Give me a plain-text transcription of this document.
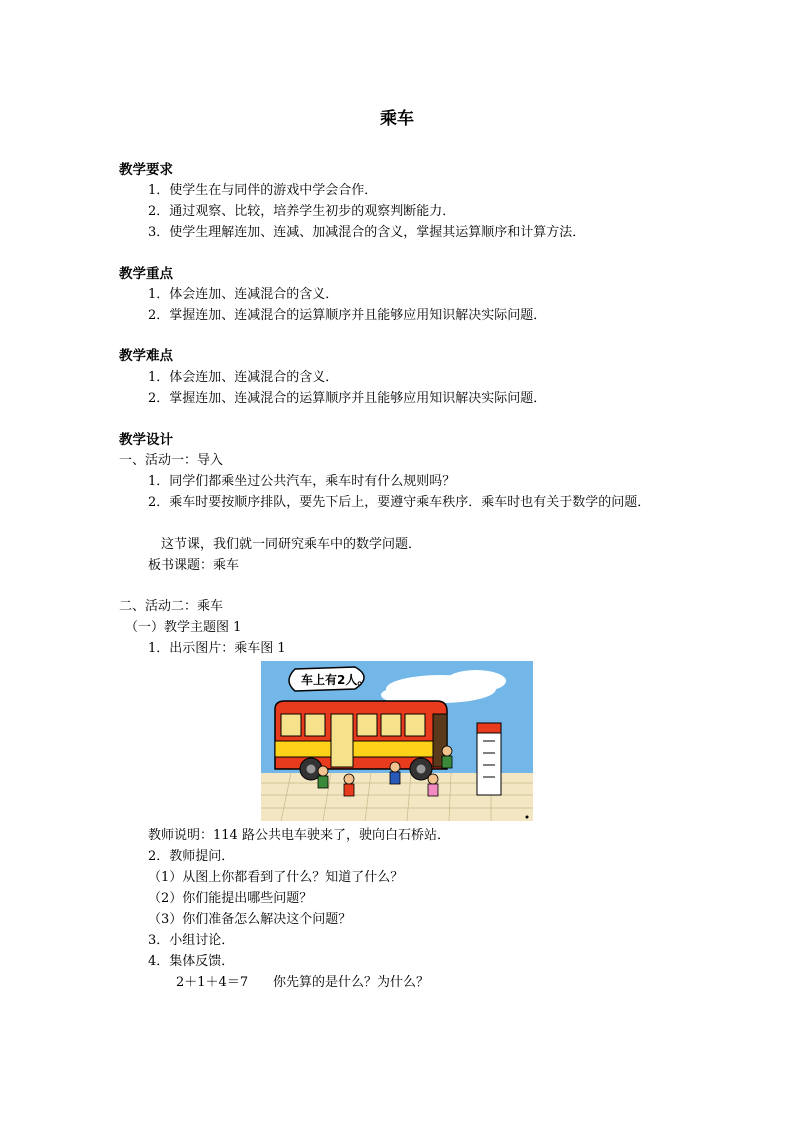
乘车
教学要求
1．使学生在与同伴的游戏中学会合作．
2．通过观察、比较，培养学生初步的观察判断能力．
3．使学生理解连加、连减、加减混合的含义，掌握其运算顺序和计算方法．
教学重点
1．体会连加、连减混合的含义．
2．掌握连加、连减混合的运算顺序并且能够应用知识解决实际问题．
教学难点
1．体会连加、连减混合的含义．
2．掌握连加、连减混合的运算顺序并且能够应用知识解决实际问题．
教学设计
一、活动一：导入
1．同学们都乘坐过公共汽车，乘车时有什么规则吗？
2．乘车时要按顺序排队，要先下后上，要遵守乘车秩序．乘车时也有关于数学的问题．
这节课，我们就一同研究乘车中的数学问题．
板书课题：乘车
二、活动二：乘车
（一）教学主题图 1
1．出示图片：乘车图 1
车上有2人。
教师说明：114 路公共电车驶来了，驶向白石桥站．
2．教师提问．
（1）从图上你都看到了什么？知道了什么？
（2）你们能提出哪些问题？
（3）你们准备怎么解决这个问题？
3．小组讨论．
4．集体反馈．
2＋1＋4＝7 你先算的是什么？为什么？
